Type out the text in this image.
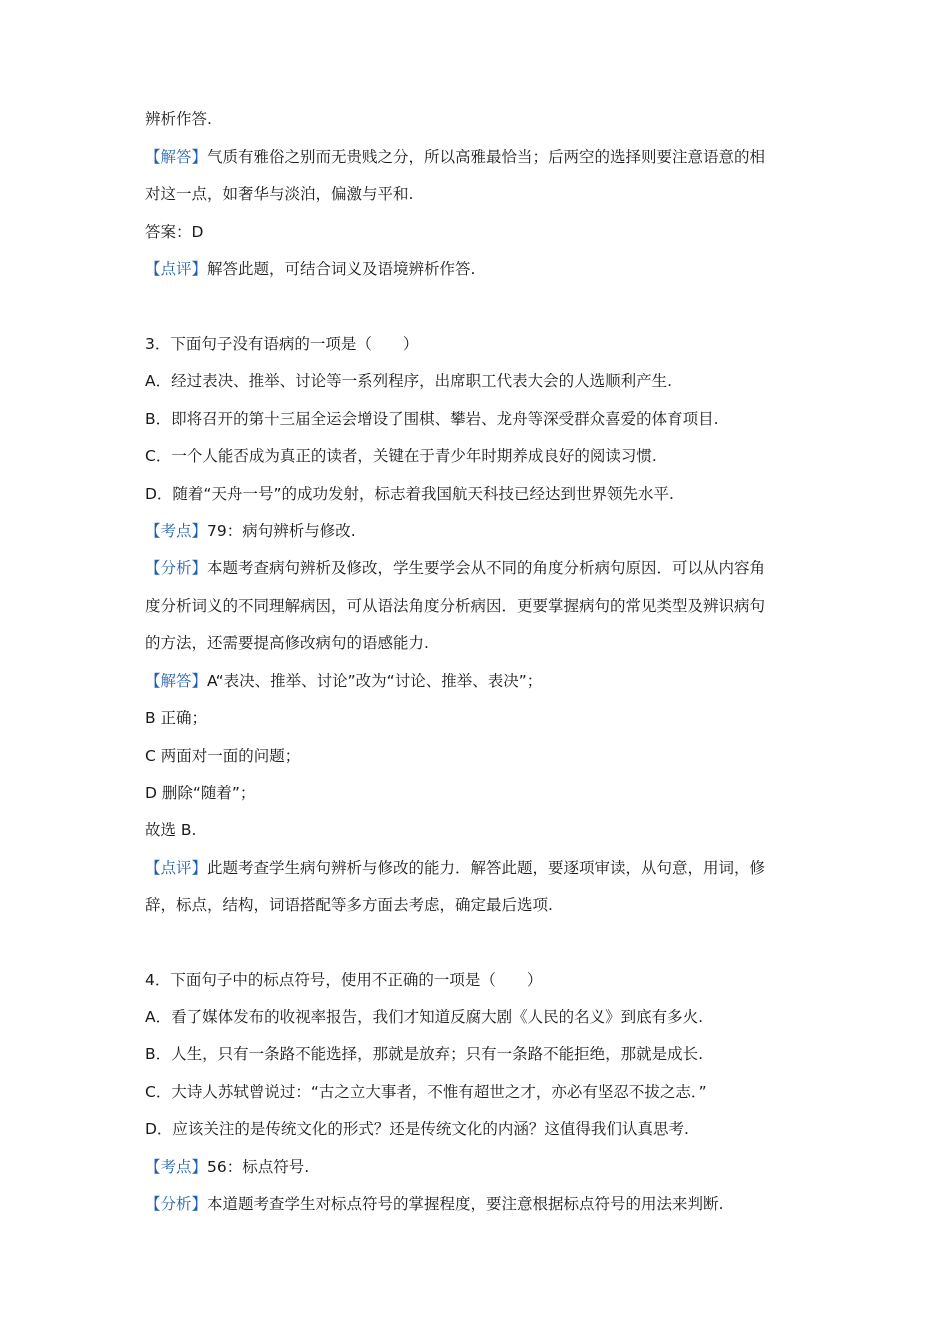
辨析作答.
【解答】气质有雅俗之别而无贵贱之分，所以高雅最恰当；后两空的选择则要注意语意的相
对这一点，如奢华与淡泊，偏激与平和.
答案：D
【点评】解答此题，可结合词义及语境辨析作答.
3．下面句子没有语病的一项是（　　）
A．经过表决、推举、讨论等一系列程序，出席职工代表大会的人选顺利产生.
B．即将召开的第十三届全运会增设了围棋、攀岩、龙舟等深受群众喜爱的体育项目.
C．一个人能否成为真正的读者，关键在于青少年时期养成良好的阅读习惯.
D．随着“天舟一号”的成功发射，标志着我国航天科技已经达到世界领先水平.
【考点】79：病句辨析与修改.
【分析】本题考查病句辨析及修改，学生要学会从不同的角度分析病句原因．可以从内容角
度分析词义的不同理解病因，可从语法角度分析病因．更要掌握病句的常见类型及辨识病句
的方法，还需要提高修改病句的语感能力.
【解答】A“表决、推举、讨论”改为“讨论、推举、表决”；
B 正确；
C 两面对一面的问题；
D 删除“随着”；
故选 B.
【点评】此题考查学生病句辨析与修改的能力．解答此题，要逐项审读，从句意，用词，修
辞，标点，结构，词语搭配等多方面去考虑，确定最后选项.
4．下面句子中的标点符号，使用不正确的一项是（　　）
A．看了媒体发布的收视率报告，我们才知道反腐大剧《人民的名义》到底有多火.
B．人生，只有一条路不能选择，那就是放弃；只有一条路不能拒绝，那就是成长.
C．大诗人苏轼曾说过：“古之立大事者，不惟有超世之才，亦必有坚忍不拔之志．”
D．应该关注的是传统文化的形式？还是传统文化的内涵？这值得我们认真思考.
【考点】56：标点符号.
【分析】本道题考查学生对标点符号的掌握程度，要注意根据标点符号的用法来判断.
